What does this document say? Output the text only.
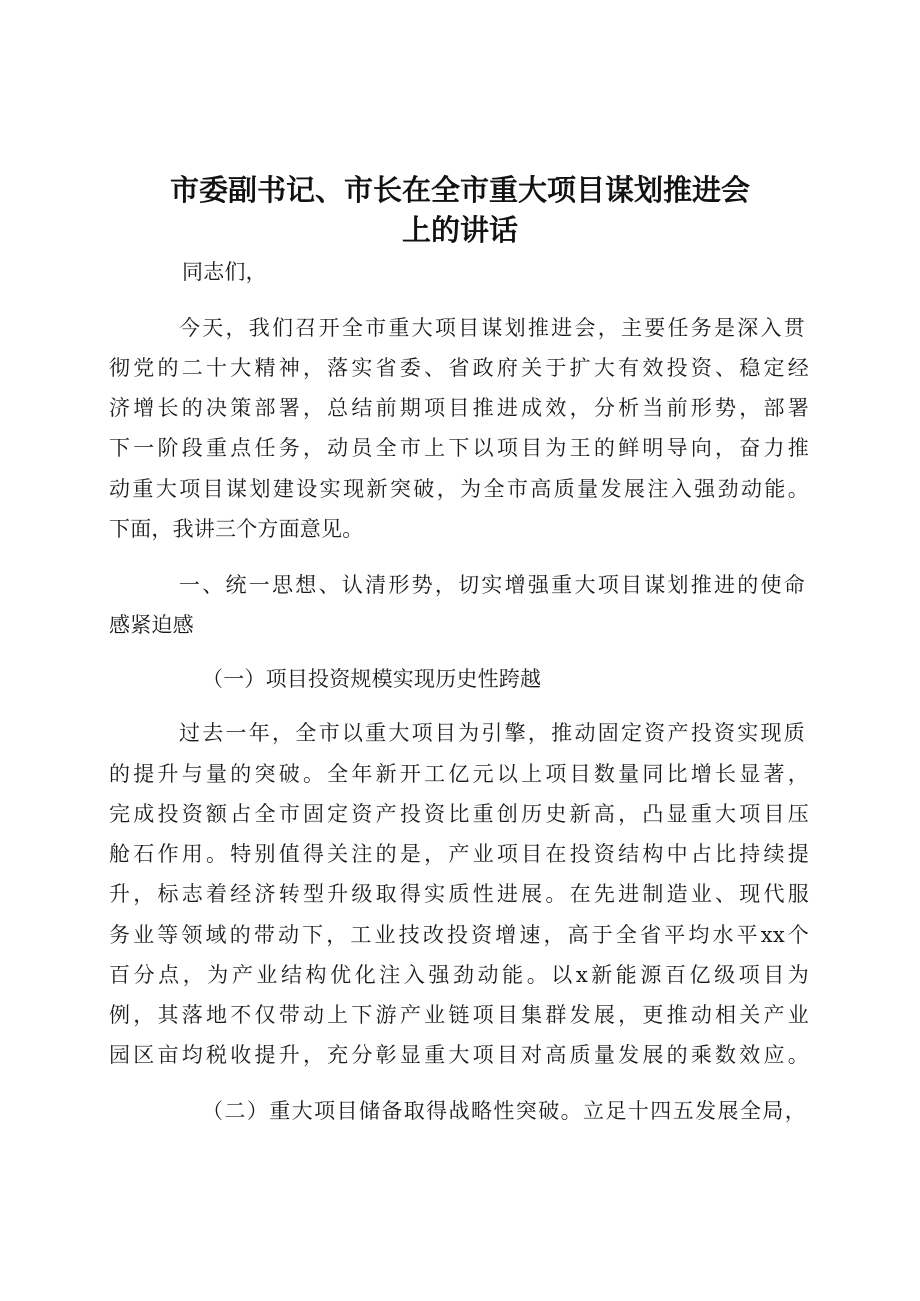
市委副书记、市长在全市重大项目谋划推进会
上的讲话
同志们，
今天，我们召开全市重大项目谋划推进会，主要任务是深入贯
彻党的二十大精神，落实省委、省政府关于扩大有效投资、稳定经
济增长的决策部署，总结前期项目推进成效，分析当前形势，部署
下一阶段重点任务，动员全市上下以项目为王的鲜明导向，奋力推
动重大项目谋划建设实现新突破，为全市高质量发展注入强劲动能。
下面，我讲三个方面意见。
一、统一思想、认清形势，切实增强重大项目谋划推进的使命
感紧迫感
（一）项目投资规模实现历史性跨越
过去一年，全市以重大项目为引擎，推动固定资产投资实现质
的提升与量的突破。全年新开工亿元以上项目数量同比增长显著，
完成投资额占全市固定资产投资比重创历史新高，凸显重大项目压
舱石作用。特别值得关注的是，产业项目在投资结构中占比持续提
升，标志着经济转型升级取得实质性进展。在先进制造业、现代服
务业等领域的带动下，工业技改投资增速，高于全省平均水平xx个
百分点，为产业结构优化注入强劲动能。以x新能源百亿级项目为
例，其落地不仅带动上下游产业链项目集群发展，更推动相关产业
园区亩均税收提升，充分彰显重大项目对高质量发展的乘数效应。
（二）重大项目储备取得战略性突破。立足十四五发展全局，
